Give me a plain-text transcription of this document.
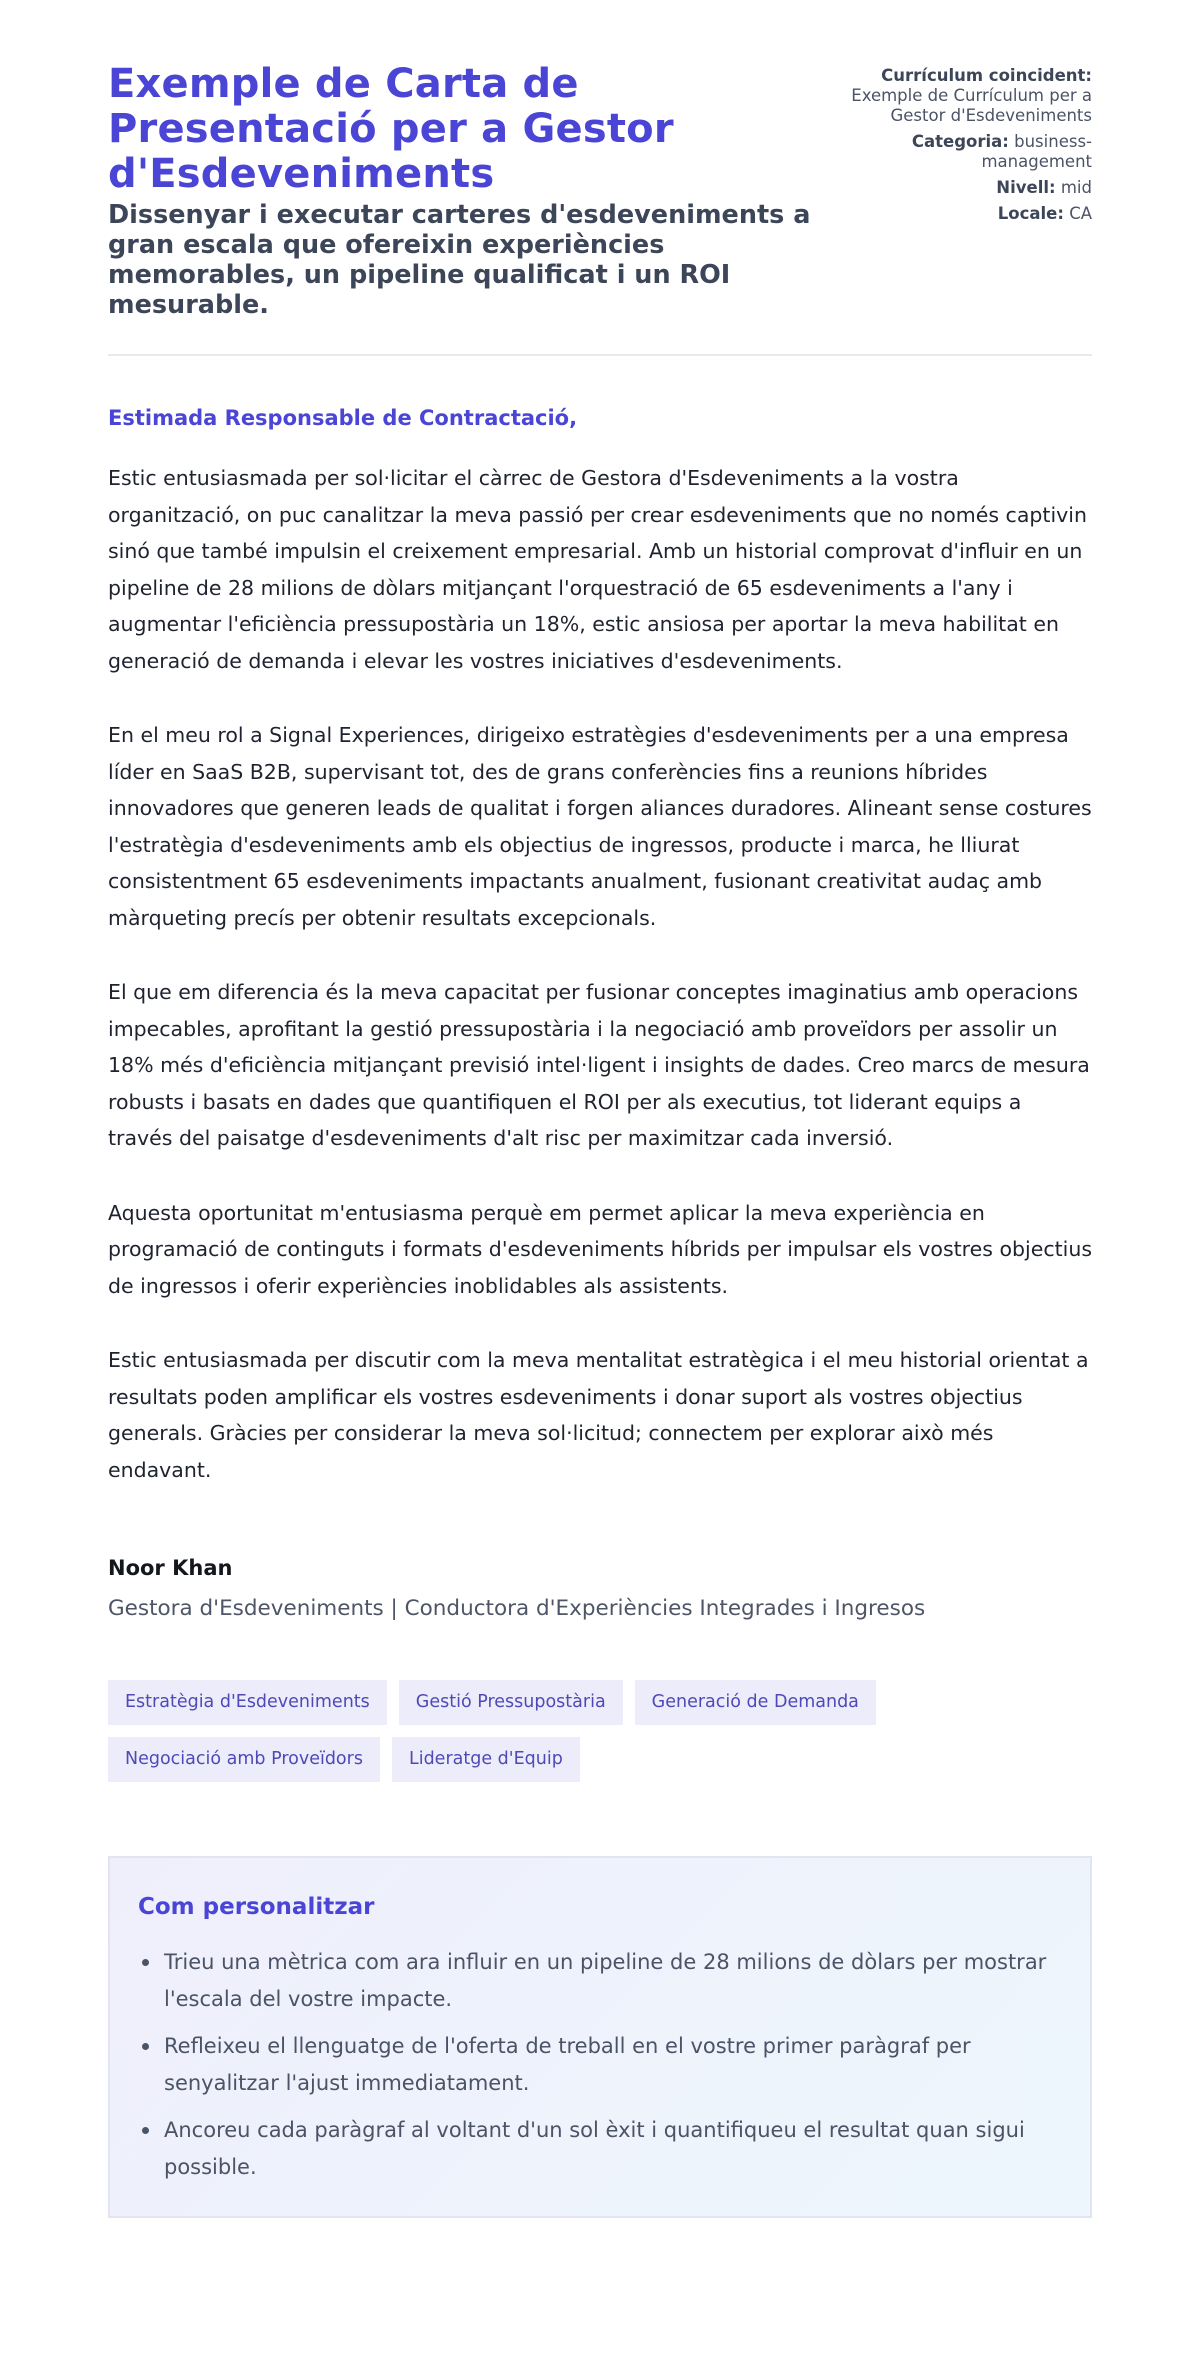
Exemple de Carta de Presentació per a Gestor d'Esdeveniments
Dissenyar i executar carteres d'esdeveniments a gran escala que ofereixin experiències memorables, un pipeline qualificat i un ROI mesurable.
Currículum coincident:
Exemple de Currículum per a Gestor d'Esdeveniments
Categoria: business-management
Nivell: mid
Locale: CA

Estimada Responsable de Contractació,

Estic entusiasmada per sol·licitar el càrrec de Gestora d'Esdeveniments a la vostra organització, on puc canalitzar la meva passió per crear esdeveniments que no només captivin sinó que també impulsin el creixement empresarial. Amb un historial comprovat d'influir en un pipeline de 28 milions de dòlars mitjançant l'orquestració de 65 esdeveniments a l'any i augmentar l'eficiència pressupostària un 18%, estic ansiosa per aportar la meva habilitat en generació de demanda i elevar les vostres iniciatives d'esdeveniments.

En el meu rol a Signal Experiences, dirigeixo estratègies d'esdeveniments per a una empresa líder en SaaS B2B, supervisant tot, des de grans conferències fins a reunions híbrides innovadores que generen leads de qualitat i forgen aliances duradores. Alineant sense costures l'estratègia d'esdeveniments amb els objectius de ingressos, producte i marca, he lliurat consistentment 65 esdeveniments impactants anualment, fusionant creativitat audaç amb màrqueting precís per obtenir resultats excepcionals.

El que em diferencia és la meva capacitat per fusionar conceptes imaginatius amb operacions impecables, aprofitant la gestió pressupostària i la negociació amb proveïdors per assolir un 18% més d'eficiència mitjançant previsió intel·ligent i insights de dades. Creo marcs de mesura robusts i basats en dades que quantifiquen el ROI per als executius, tot liderant equips a través del paisatge d'esdeveniments d'alt risc per maximitzar cada inversió.

Aquesta oportunitat m'entusiasma perquè em permet aplicar la meva experiència en programació de continguts i formats d'esdeveniments híbrids per impulsar els vostres objectius de ingressos i oferir experiències inoblidables als assistents.

Estic entusiasmada per discutir com la meva mentalitat estratègica i el meu historial orientat a resultats poden amplificar els vostres esdeveniments i donar suport als vostres objectius generals. Gràcies per considerar la meva sol·licitud; connectem per explorar això més endavant.

Noor Khan
Gestora d'Esdeveniments | Conductora d'Experiències Integrades i Ingresos
Estratègia d'Esdeveniments	Gestió Pressupostària	Generació de Demanda
Negociació amb Proveïdors	Lideratge d'Equip
Com personalitzar
Trieu una mètrica com ara influir en un pipeline de 28 milions de dòlars per mostrar l'escala del vostre impacte.
Refleixeu el llenguatge de l'oferta de treball en el vostre primer paràgraf per senyalitzar l'ajust immediatament.
Ancoreu cada paràgraf al voltant d'un sol èxit i quantifiqueu el resultat quan sigui possible.
